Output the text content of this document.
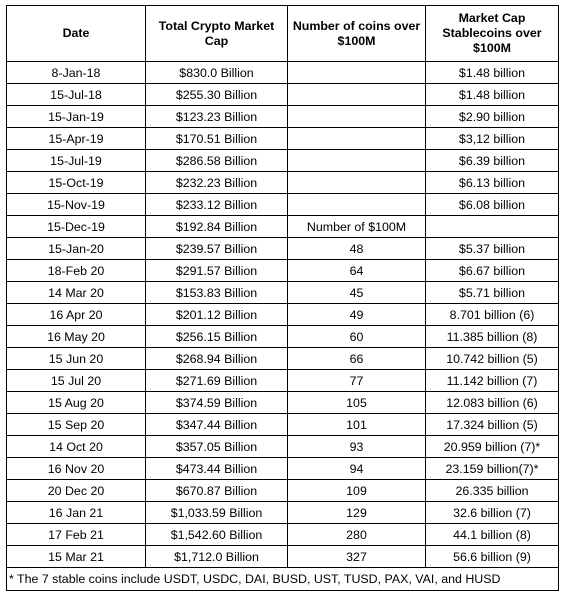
Date	Total Crypto Market Cap	Number of coins over $100M	Market Cap Stablecoins over $100M
8-Jan-18	$830.0 Billion		$1.48 billion
15-Jul-18	$255.30 Billion		$1.48 billion
15-Jan-19	$123.23 Billion		$2.90 billion
15-Apr-19	$170.51 Billion		$3,12 billion
15-Jul-19	$286.58 Billion		$6.39 billion
15-Oct-19	$232.23 Billion		$6.13 billion
15-Nov-19	$233.12 Billion		$6.08 billion
15-Dec-19	$192.84 Billion	Number of $100M	
15-Jan-20	$239.57 Billion	48	$5.37 billion
18-Feb 20	$291.57 Billion	64	$6.67 billion
14 Mar 20	$153.83 Billion	45	$5.71 billion
16 Apr 20	$201.12 Billion	49	8.701 billion (6)
16 May 20	$256.15 Billion	60	11.385 billion (8)
15 Jun 20	$268.94 Billion	66	10.742 billion (5)
15 Jul 20	$271.69 Billion	77	11.142 billion (7)
15 Aug 20	$374.59 Billion	105	12.083 billion (6)
15 Sep 20	$347.44 Billion	101	17.324 billion (5)
14 Oct 20	$357.05 Billion	93	20.959 billion (7)*
16 Nov 20	$473.44 Billion	94	23.159 billion(7)*
20 Dec 20	$670.87 Billion	109	26.335 billion
16 Jan 21	$1,033.59 Billion	129	32.6 billion (7)
17 Feb 21	$1,542.60 Billion	280	44.1 billion (8)
15 Mar 21	$1,712.0 Billion	327	56.6 billion (9)
* The 7 stable coins include USDT, USDC, DAI, BUSD, UST, TUSD, PAX, VAI, and HUSD			
